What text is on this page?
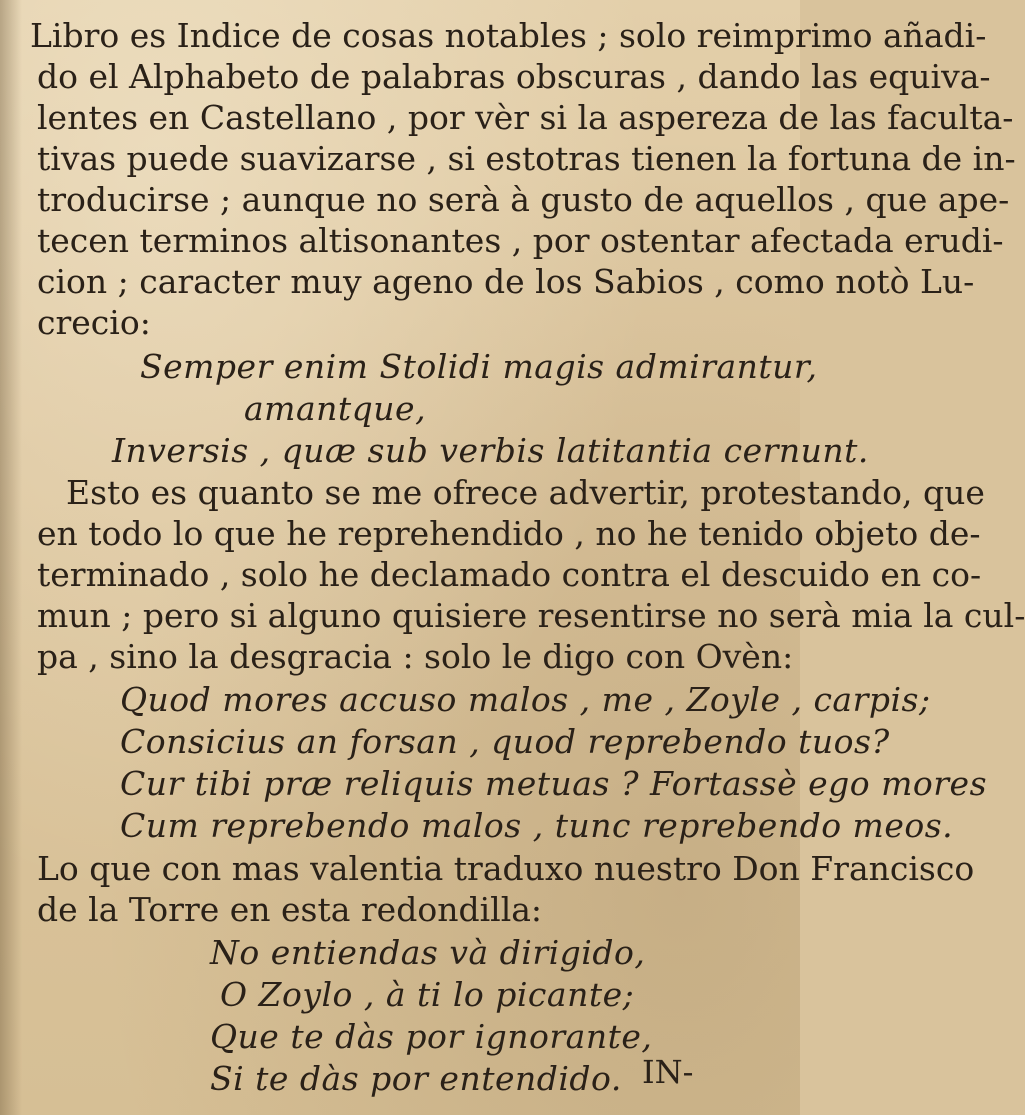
Libro es Indice de cosas notables ; solo reimprimo añadi-
do el Alphabeto de palabras obscuras , dando las equiva-
lentes en Castellano , por vèr si la aspereza de las faculta-
tivas puede suavizarse , si estotras tienen la fortuna de in-
troducirse ; aunque no serà à gusto de aquellos , que ape-
tecen terminos altisonantes , por ostentar afectada erudi-
cion ; caracter muy ageno de los Sabios , como notò Lu-
crecio:
Semper enim Stolidi magis admirantur,
amantque,
Inversis , quæ sub verbis latitantia cernunt.
Esto es quanto se me ofrece advertir, protestando, que
en todo lo que he reprehendido , no he tenido objeto de-
terminado , solo he declamado contra el descuido en co-
mun ; pero si alguno quisiere resentirse no serà mia la cul-
pa , sino la desgracia : solo le digo con Ovèn:
Quod mores accuso malos , me , Zoyle , carpis;
Consicius an forsan , quod reprebendo tuos?
Cur tibi præ reliquis metuas ? Fortassè ego mores
Cum reprebendo malos , tunc reprebendo meos.
Lo que con mas valentia traduxo nuestro Don Francisco
de la Torre en esta redondilla:
No entiendas và dirigido,
O Zoylo , à ti lo picante;
Que te dàs por ignorante,
Si te dàs por entendido. IN-
